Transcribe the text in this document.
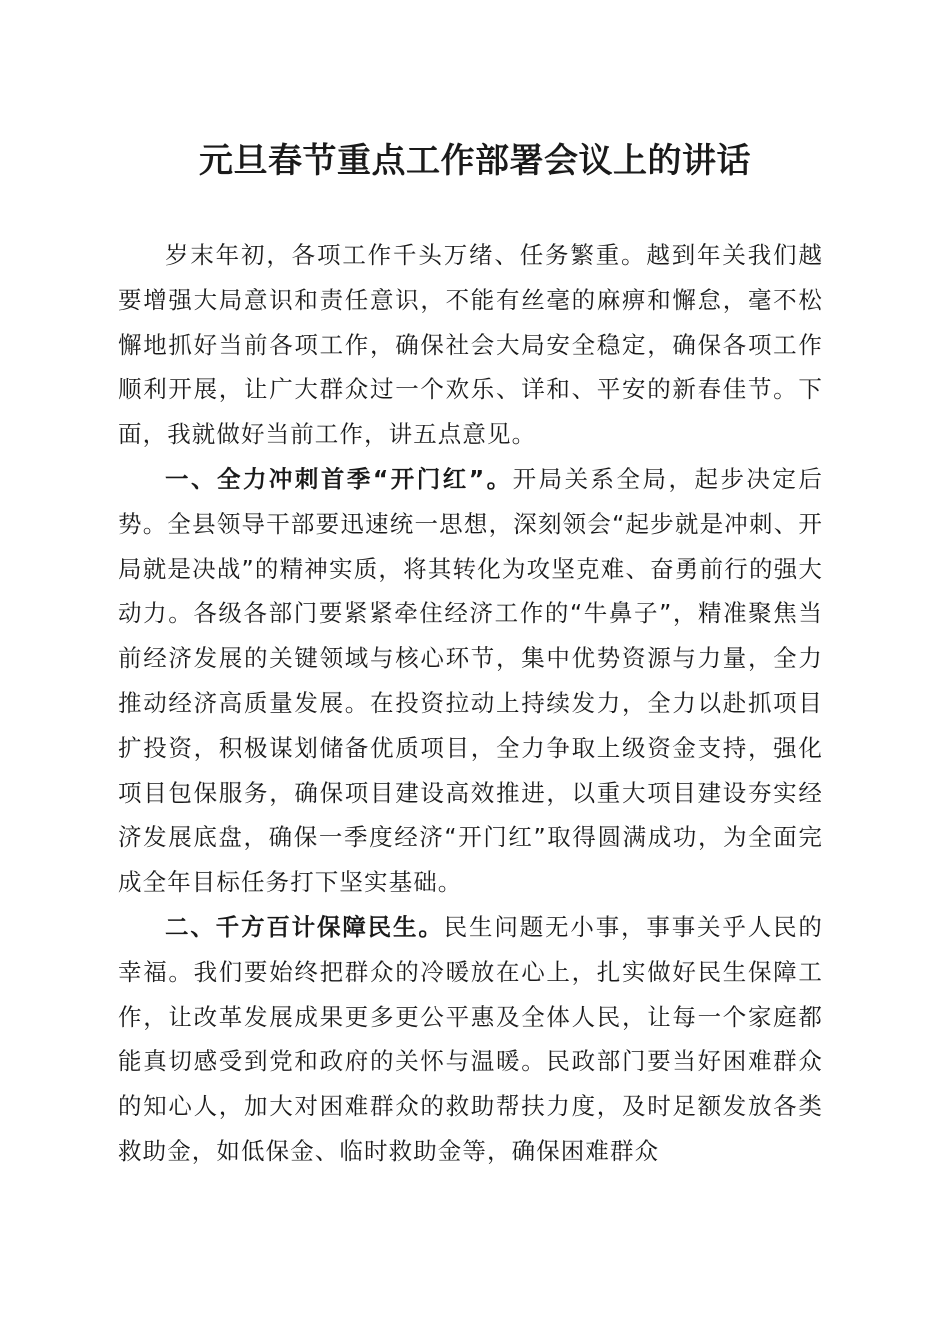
元旦春节重点工作部署会议上的讲话

岁末年初，各项工作千头万绪、任务繁重。越到年关我们越要增强大局意识和责任意识，不能有丝毫的麻痹和懈怠，毫不松懈地抓好当前各项工作，确保社会大局安全稳定，确保各项工作顺利开展，让广大群众过一个欢乐、详和、平安的新春佳节。下面，我就做好当前工作，讲五点意见。

一、全力冲刺首季“开门红”。开局关系全局，起步决定后势。全县领导干部要迅速统一思想，深刻领会“起步就是冲刺、开局就是决战”的精神实质，将其转化为攻坚克难、奋勇前行的强大动力。各级各部门要紧紧牵住经济工作的“牛鼻子”，精准聚焦当前经济发展的关键领域与核心环节，集中优势资源与力量，全力推动经济高质量发展。在投资拉动上持续发力，全力以赴抓项目扩投资，积极谋划储备优质项目，全力争取上级资金支持，强化项目包保服务，确保项目建设高效推进，以重大项目建设夯实经济发展底盘，确保一季度经济“开门红”取得圆满成功，为全面完成全年目标任务打下坚实基础。

二、千方百计保障民生。民生问题无小事，事事关乎人民的幸福。我们要始终把群众的冷暖放在心上，扎实做好民生保障工作，让改革发展成果更多更公平惠及全体人民，让每一个家庭都能真切感受到党和政府的关怀与温暖。民政部门要当好困难群众的知心人，加大对困难群众的救助帮扶力度，及时足额发放各类救助金，如低保金、临时救助金等，确保困难群众
